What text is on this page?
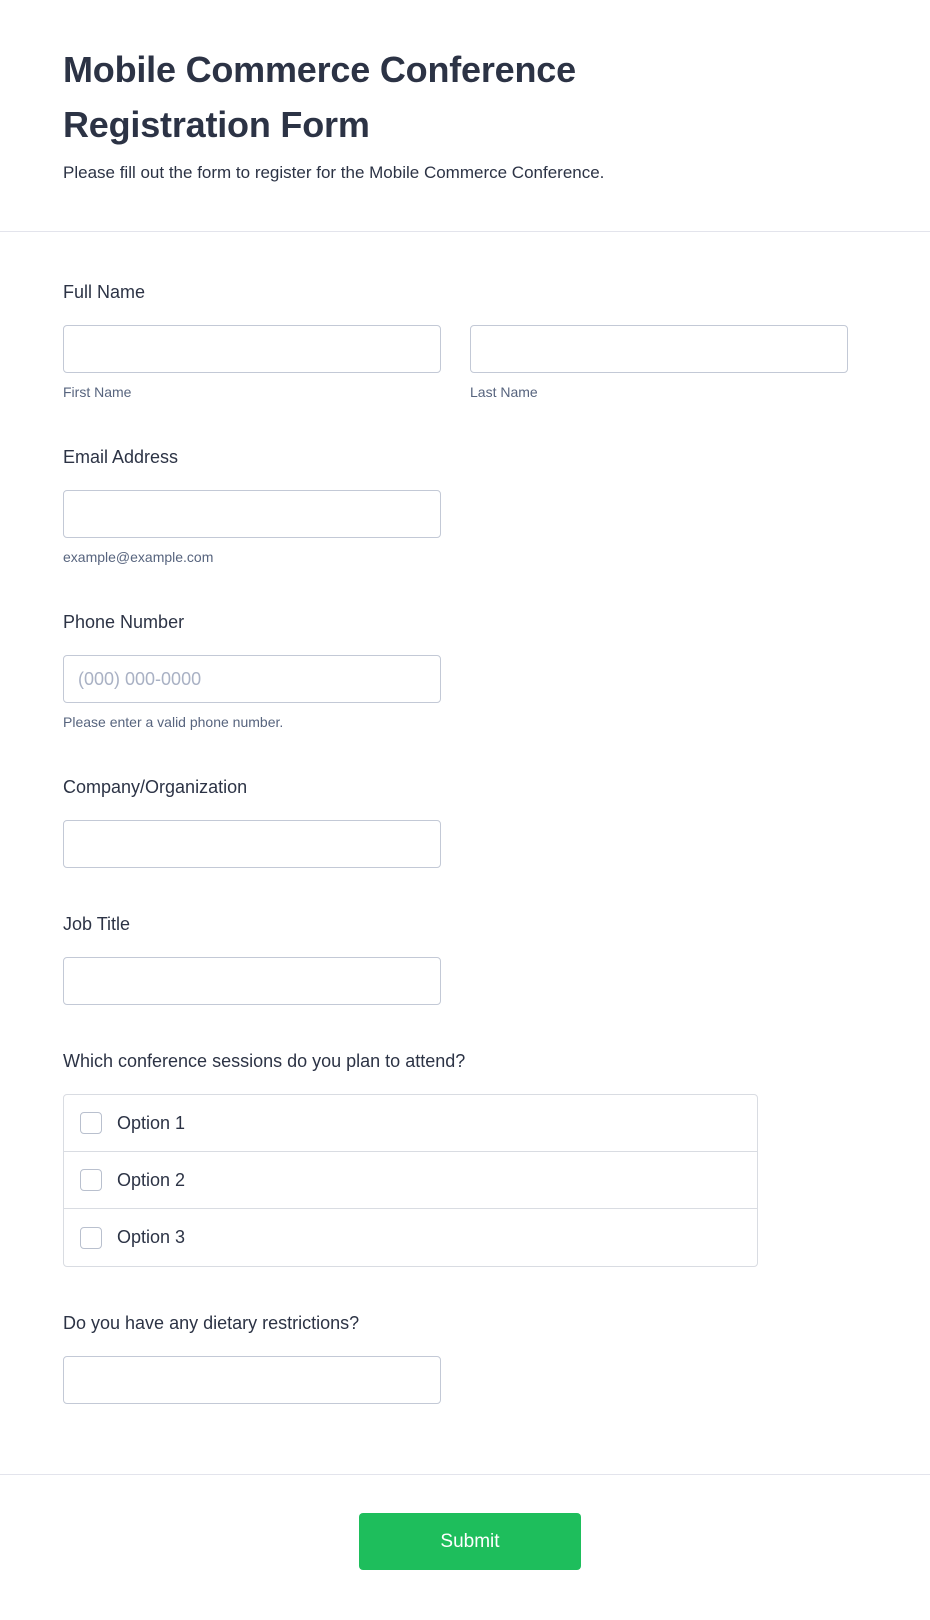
Mobile Commerce Conference Registration Form
Please fill out the form to register for the Mobile Commerce Conference.
Full Name
First Name	Last Name
Email Address
example@example.com
Phone Number
(000) 000-0000
Please enter a valid phone number.
Company/Organization
Job Title
Which conference sessions do you plan to attend?
Option 1
Option 2
Option 3
Do you have any dietary restrictions?
Submit
